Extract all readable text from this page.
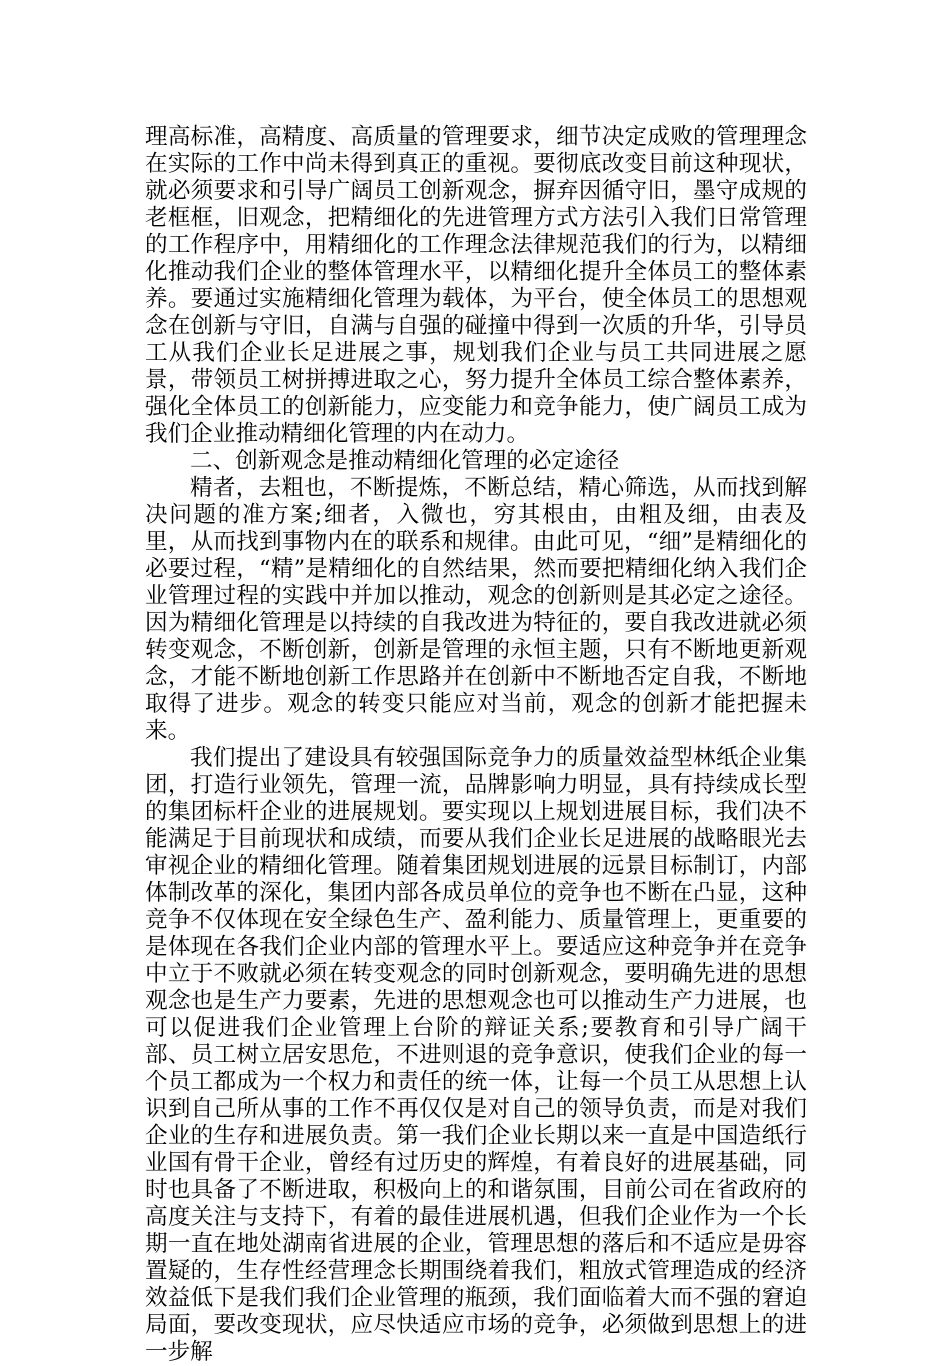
理高标准，高精度、高质量的管理要求，细节决定成败的管理理念在实际的工作中尚未得到真正的重视。要彻底改变目前这种现状，就必须要求和引导广阔员工创新观念，摒弃因循守旧，墨守成规的老框框，旧观念，把精细化的先进管理方式方法引入我们日常管理的工作程序中，用精细化的工作理念法律规范我们的行为，以精细化推动我们企业的整体管理水平，以精细化提升全体员工的整体素养。要通过实施精细化管理为载体，为平台，使全体员工的思想观念在创新与守旧，自满与自强的碰撞中得到一次质的升华，引导员工从我们企业长足进展之事，规划我们企业与员工共同进展之愿景，带领员工树拼搏进取之心，努力提升全体员工综合整体素养，强化全体员工的创新能力，应变能力和竞争能力，使广阔员工成为我们企业推动精细化管理的内在动力。

二、创新观念是推动精细化管理的必定途径

精者，去粗也，不断提炼，不断总结，精心筛选，从而找到解决问题的准方案;细者，入微也，穷其根由，由粗及细，由表及里，从而找到事物内在的联系和规律。由此可见，“细”是精细化的必要过程，“精”是精细化的自然结果，然而要把精细化纳入我们企业管理过程的实践中并加以推动，观念的创新则是其必定之途径。因为精细化管理是以持续的自我改进为特征的，要自我改进就必须转变观念，不断创新，创新是管理的永恒主题，只有不断地更新观念，才能不断地创新工作思路并在创新中不断地否定自我，不断地取得了进步。观念的转变只能应对当前，观念的创新才能把握未来。

我们提出了建设具有较强国际竞争力的质量效益型林纸企业集团，打造行业领先，管理一流，品牌影响力明显，具有持续成长型的集团标杆企业的进展规划。要实现以上规划进展目标，我们决不能满足于目前现状和成绩，而要从我们企业长足进展的战略眼光去审视企业的精细化管理。随着集团规划进展的远景目标制订，内部体制改革的深化，集团内部各成员单位的竞争也不断在凸显，这种竞争不仅体现在安全绿色生产、盈利能力、质量管理上，更重要的是体现在各我们企业内部的管理水平上。要适应这种竞争并在竞争中立于不败就必须在转变观念的同时创新观念，要明确先进的思想观念也是生产力要素，先进的思想观念也可以推动生产力进展，也可以促进我们企业管理上台阶的辩证关系;要教育和引导广阔干部、员工树立居安思危，不进则退的竞争意识，使我们企业的每一个员工都成为一个权力和责任的统一体，让每一个员工从思想上认识到自己所从事的工作不再仅仅是对自己的领导负责，而是对我们企业的生存和进展负责。第一我们企业长期以来一直是中国造纸行业国有骨干企业，曾经有过历史的辉煌，有着良好的进展基础，同时也具备了不断进取，积极向上的和谐氛围，目前公司在省政府的高度关注与支持下，有着的最佳进展机遇，但我们企业作为一个长期一直在地处湖南省进展的企业，管理思想的落后和不适应是毋容置疑的，生存性经营理念长期围绕着我们，粗放式管理造成的经济效益低下是我们我们企业管理的瓶颈，我们面临着大而不强的窘迫局面，要改变现状，应尽快适应市场的竞争，必须做到思想上的进一步解
